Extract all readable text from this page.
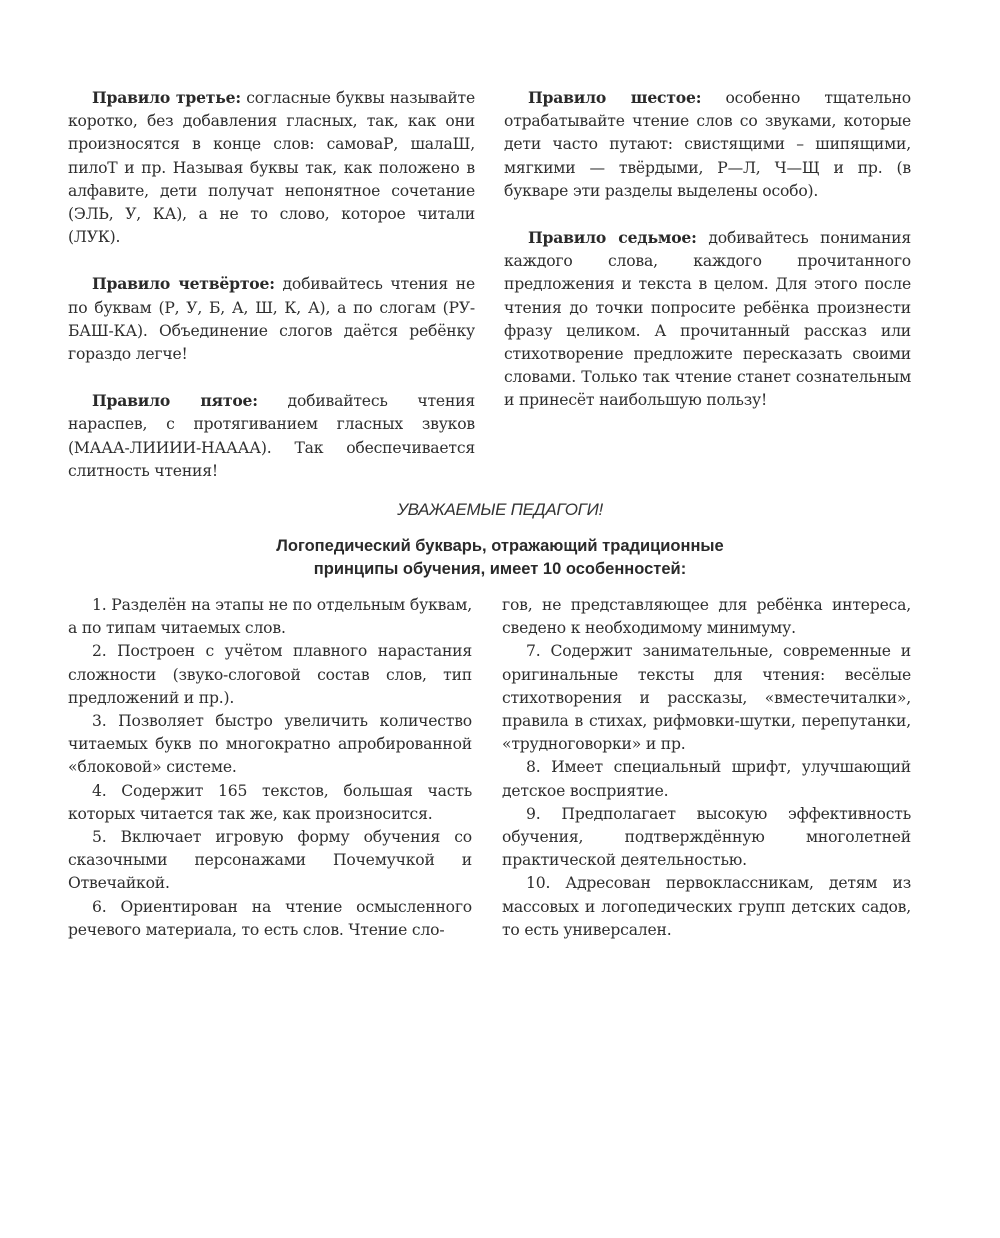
Правило третье: согласные буквы называйте коротко, без добавления гласных, так, как они произносятся в конце слов: самоваР, шалаШ, пилоТ и пр. Называя буквы так, как положено в алфавите, дети получат непонятное сочетание (ЭЛЬ, У, КА), а не то слово, которое читали (ЛУК).

Правило четвёртое: добивайтесь чтения не по буквам (Р, У, Б, А, Ш, К, А), а по слогам (РУ-БАШ-КА). Объединение слогов даётся ребёнку гораздо легче!

Правило пятое: добивайтесь чтения нараспев, с протягиванием гласных звуков (МААА-ЛИИИИ-НАААА). Так обеспечивается слитность чтения!

Правило шестое: особенно тщательно отрабатывайте чтение слов со звуками, которые дети часто путают: свистящими – шипящими, мягкими — твёрдыми, Р—Л, Ч—Щ и пр. (в букваре эти разделы выделены особо).

Правило седьмое: добивайтесь понимания каждого слова, каждого прочитанного предложения и текста в целом. Для этого после чтения до точки попросите ребёнка произнести фразу целиком. А прочитанный рассказ или стихотворение предложите пересказать своими словами. Только так чтение станет сознательным и принесёт наибольшую пользу!

УВАЖАЕМЫЕ ПЕДАГОГИ!
Логопедический букварь, отражающий традиционные
принципы обучения, имеет 10 особенностей:

1. Разделён на этапы не по отдельным буквам, а по типам читаемых слов.

2. Построен с учётом плавного нарастания сложности (звуко-слоговой состав слов, тип предложений и пр.).

3. Позволяет быстро увеличить количество читаемых букв по многократно апробированной «блоковой» системе.

4. Содержит 165 текстов, большая часть которых читается так же, как произносится.

5. Включает игровую форму обучения со сказочными персонажами Почемучкой и Отвечайкой.

6. Ориентирован на чтение осмысленного речевого материала, то есть слов. Чтение сло-

гов, не представляющее для ребёнка интереса, сведено к необходимому минимуму.

7. Содержит занимательные, современные и оригинальные тексты для чтения: весёлые стихотворения и рассказы, «вместечиталки», правила в стихах, рифмовки-шутки, перепутанки, «трудноговорки» и пр.

8. Имеет специальный шрифт, улучшающий детское восприятие.

9. Предполагает высокую эффективность обучения, подтверждённую многолетней практической деятельностью.

10. Адресован первоклассникам, детям из массовых и логопедических групп детских садов, то есть универсален.
